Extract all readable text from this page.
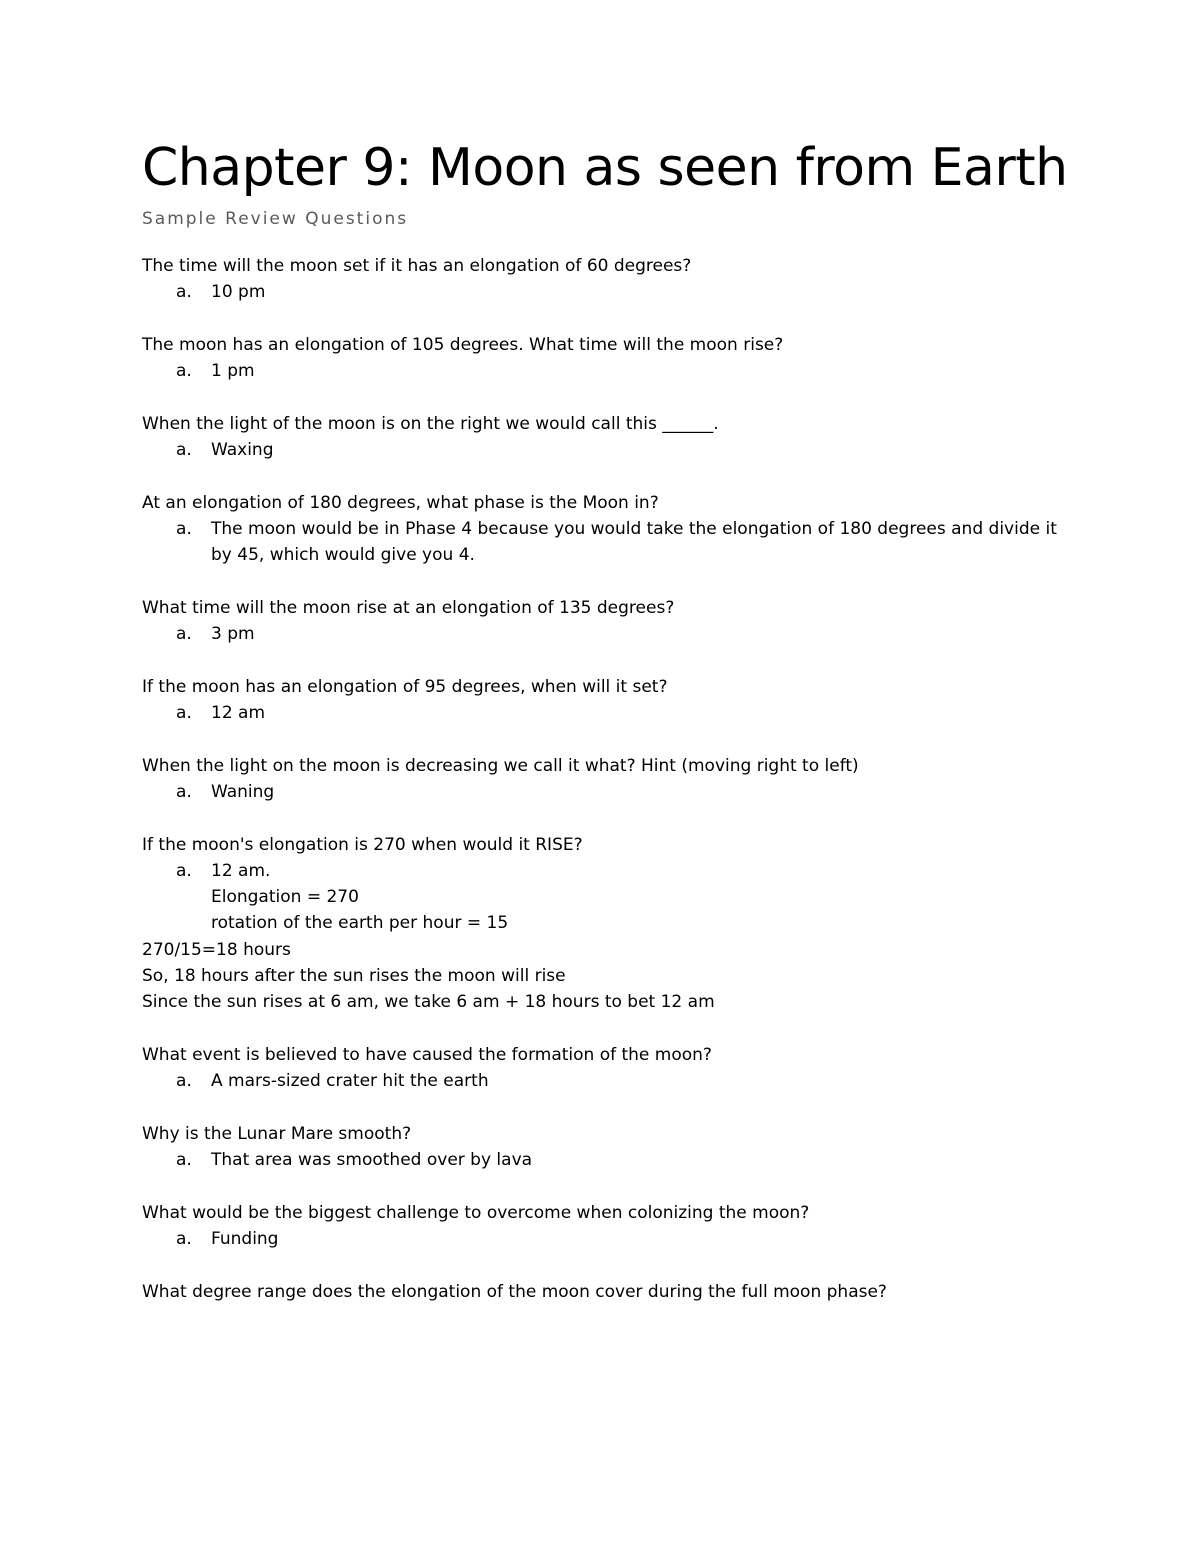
Chapter 9: Moon as seen from Earth

Sample Review Questions

The time will the moon set if it has an elongation of 60 degrees?

a.	10 pm

The moon has an elongation of 105 degrees. What time will the moon rise?

a.	1 pm

When the light of the moon is on the right we would call this ______.

a.	Waxing

At an elongation of 180 degrees, what phase is the Moon in?

a.	The moon would be in Phase 4 because you would take the elongation of 180 degrees and divide it by 45, which would give you 4.

What time will the moon rise at an elongation of 135 degrees?

a.	3 pm

If the moon has an elongation of 95 degrees, when will it set?

a.	12 am

When the light on the moon is decreasing we call it what? Hint (moving right to left)

a.	Waning

If the moon's elongation is 270 when would it RISE?

a.	12 am.
Elongation = 270
rotation of the earth per hour = 15

270/15=18 hours

So, 18 hours after the sun rises the moon will rise

Since the sun rises at 6 am, we take 6 am + 18 hours to bet 12 am

What event is believed to have caused the formation of the moon?

a.	A mars-sized crater hit the earth

Why is the Lunar Mare smooth?

a.	That area was smoothed over by lava

What would be the biggest challenge to overcome when colonizing the moon?

a.	Funding

What degree range does the elongation of the moon cover during the full moon phase?
